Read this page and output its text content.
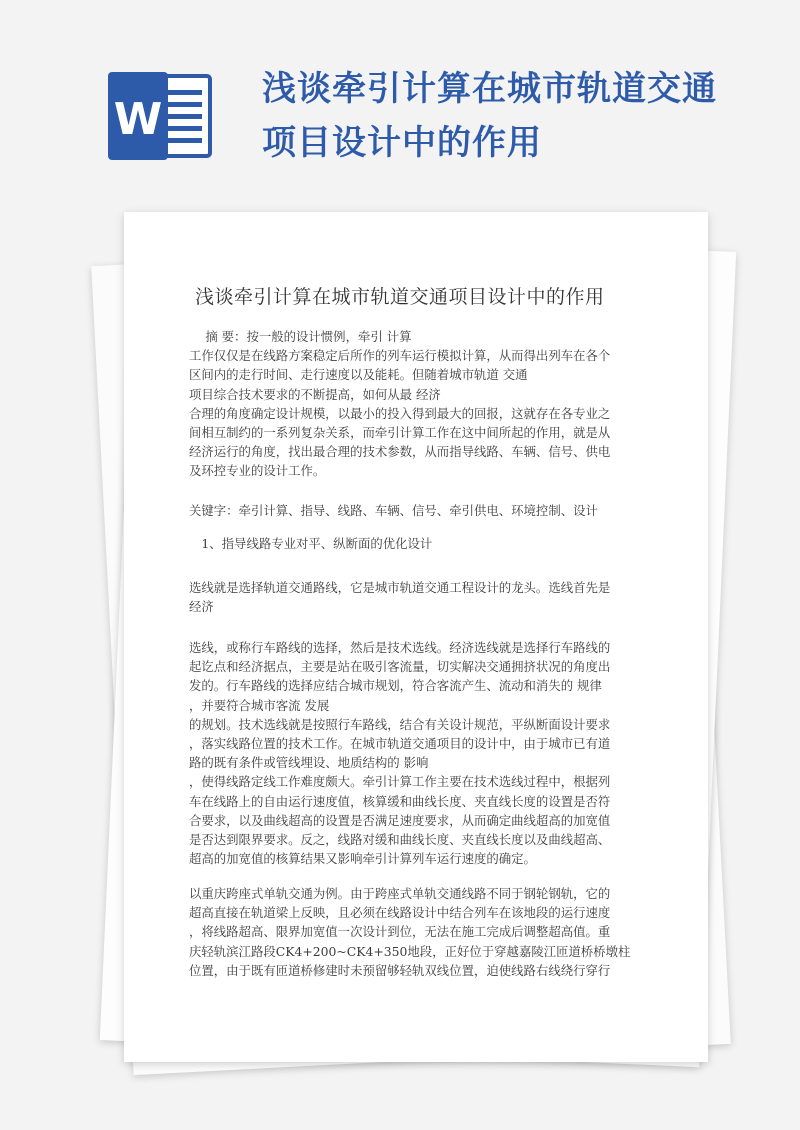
W
浅谈牵引计算在城市轨道交通
项目设计中的作用
浅谈牵引计算在城市轨道交通项目设计中的作用
　 摘 要：按一般的设计惯例，牵引 计算
工作仅仅是在线路方案稳定后所作的列车运行模拟计算，从而得出列车在各个
区间内的走行时间、走行速度以及能耗。但随着城市轨道 交通
项目综合技术要求的不断提高，如何从最 经济
合理的角度确定设计规模，以最小的投入得到最大的回报，这就存在各专业之
间相互制约的一系列复杂关系，而牵引计算工作在这中间所起的作用，就是从
经济运行的角度，找出最合理的技术参数，从而指导线路、车辆、信号、供电
及环控专业的设计工作。
关键字：牵引计算、指导、线路、车辆、信号、牵引供电、环境控制、设计
　1、指导线路专业对平、纵断面的优化设计
选线就是选择轨道交通路线，它是城市轨道交通工程设计的龙头。选线首先是
经济
选线，或称行车路线的选择，然后是技术选线。经济选线就是选择行车路线的
起讫点和经济据点，主要是站在吸引客流量，切实解决交通拥挤状况的角度出
发的。行车路线的选择应结合城市规划，符合客流产生、流动和消失的 规律
，并要符合城市客流 发展
的规划。技术选线就是按照行车路线，结合有关设计规范，平纵断面设计要求
，落实线路位置的技术工作。在城市轨道交通项目的设计中，由于城市已有道
路的既有条件或管线埋设、地质结构的 影响
，使得线路定线工作难度颇大。牵引计算工作主要在技术选线过程中，根据列
车在线路上的自由运行速度值，核算缓和曲线长度、夹直线长度的设置是否符
合要求，以及曲线超高的设置是否满足速度要求，从而确定曲线超高的加宽值
是否达到限界要求。反之，线路对缓和曲线长度、夹直线长度以及曲线超高、
超高的加宽值的核算结果又影响牵引计算列车运行速度的确定。
以重庆跨座式单轨交通为例。由于跨座式单轨交通线路不同于钢轮钢轨，它的
超高直接在轨道梁上反映，且必须在线路设计中结合列车在该地段的运行速度
，将线路超高、限界加宽值一次设计到位，无法在施工完成后调整超高值。重
庆轻轨滨江路段CK4+200~CK4+350地段，正好位于穿越嘉陵江匝道桥桥墩柱
位置，由于既有匝道桥修建时未预留够轻轨双线位置，迫使线路右线绕行穿行
